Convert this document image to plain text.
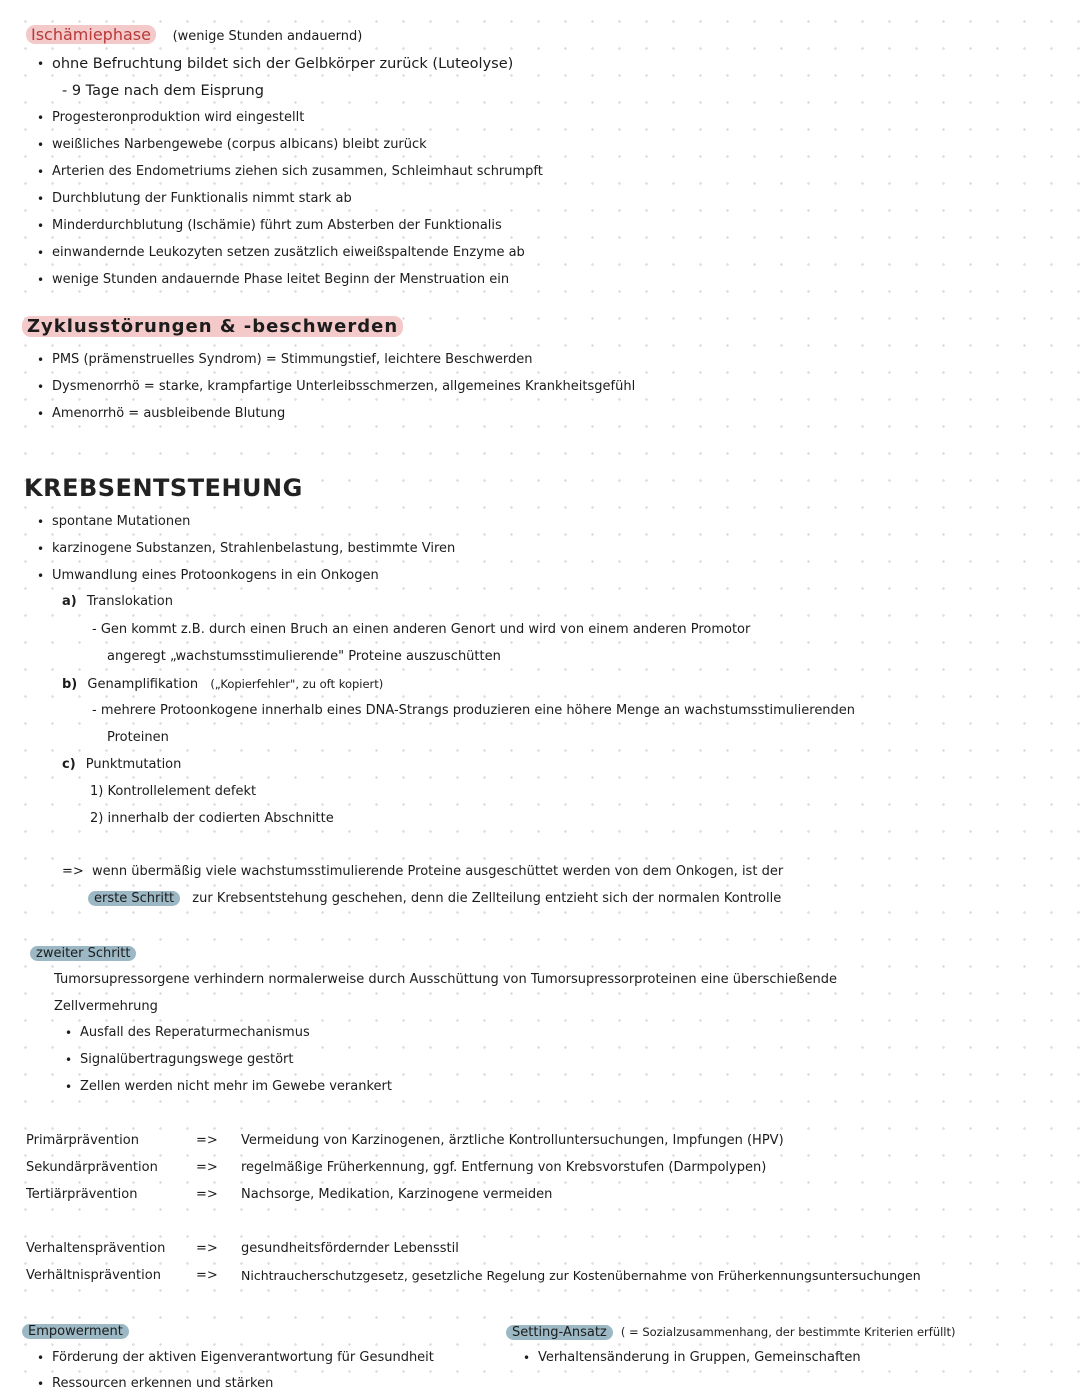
Ischämiephase (wenige Stunden andauernd)
• ohne Befruchtung bildet sich der Gelbkörper zurück (Luteolyse)
- 9 Tage nach dem Eisprung
• Progesteronproduktion wird eingestellt
• weißliches Narbengewebe (corpus albicans) bleibt zurück
• Arterien des Endometriums ziehen sich zusammen, Schleimhaut schrumpft
• Durchblutung der Funktionalis nimmt stark ab
• Minderdurchblutung (Ischämie) führt zum Absterben der Funktionalis
• einwandernde Leukozyten setzen zusätzlich eiweißspaltende Enzyme ab
• wenige Stunden andauernde Phase leitet Beginn der Menstruation ein
Zyklusstörungen & -beschwerden
• PMS (prämenstruelles Syndrom) = Stimmungstief, leichtere Beschwerden
• Dysmenorrhö = starke, krampfartige Unterleibsschmerzen, allgemeines Krankheitsgefühl
• Amenorrhö = ausbleibende Blutung
KREBSENTSTEHUNG
• spontane Mutationen
• karzinogene Substanzen, Strahlenbelastung, bestimmte Viren
• Umwandlung eines Protoonkogens in ein Onkogen
a) Translokation
- Gen kommt z.B. durch einen Bruch an einen anderen Genort und wird von einem anderen Promotor
angeregt „wachstumsstimulierende" Proteine auszuschütten
b) Genamplifikation („Kopierfehler", zu oft kopiert)
- mehrere Protoonkogene innerhalb eines DNA-Strangs produzieren eine höhere Menge an wachstumsstimulierenden
Proteinen
c) Punktmutation
1) Kontrollelement defekt
2) innerhalb der codierten Abschnitte
=> wenn übermäßig viele wachstumsstimulierende Proteine ausgeschüttet werden von dem Onkogen, ist der
erste Schritt zur Krebsentstehung geschehen, denn die Zellteilung entzieht sich der normalen Kontrolle
zweiter Schritt
Tumorsupressorgene verhindern normalerweise durch Ausschüttung von Tumorsupressorproteinen eine überschießende
Zellvermehrung
• Ausfall des Reperaturmechanismus
• Signalübertragungswege gestört
• Zellen werden nicht mehr im Gewebe verankert
Primärprävention	=> Vermeidung von Karzinogenen, ärztliche Kontrolluntersuchungen, Impfungen (HPV)
Sekundärprävention	=> regelmäßige Früherkennung, ggf. Entfernung von Krebsvorstufen (Darmpolypen)
Tertiärprävention	=> Nachsorge, Medikation, Karzinogene vermeiden
Verhaltensprävention => gesundheitsfördernder Lebensstil
Verhältnisprävention	=> Nichtraucherschutzgesetz, gesetzliche Regelung zur Kostenübernahme von Früherkennungsuntersuchungen
Empowerment
• Förderung der aktiven Eigenverantwortung für Gesundheit
• Ressourcen erkennen und stärken
Setting-Ansatz ( = Sozialzusammenhang, der bestimmte Kriterien erfüllt)
• Verhaltensänderung in Gruppen, Gemeinschaften
